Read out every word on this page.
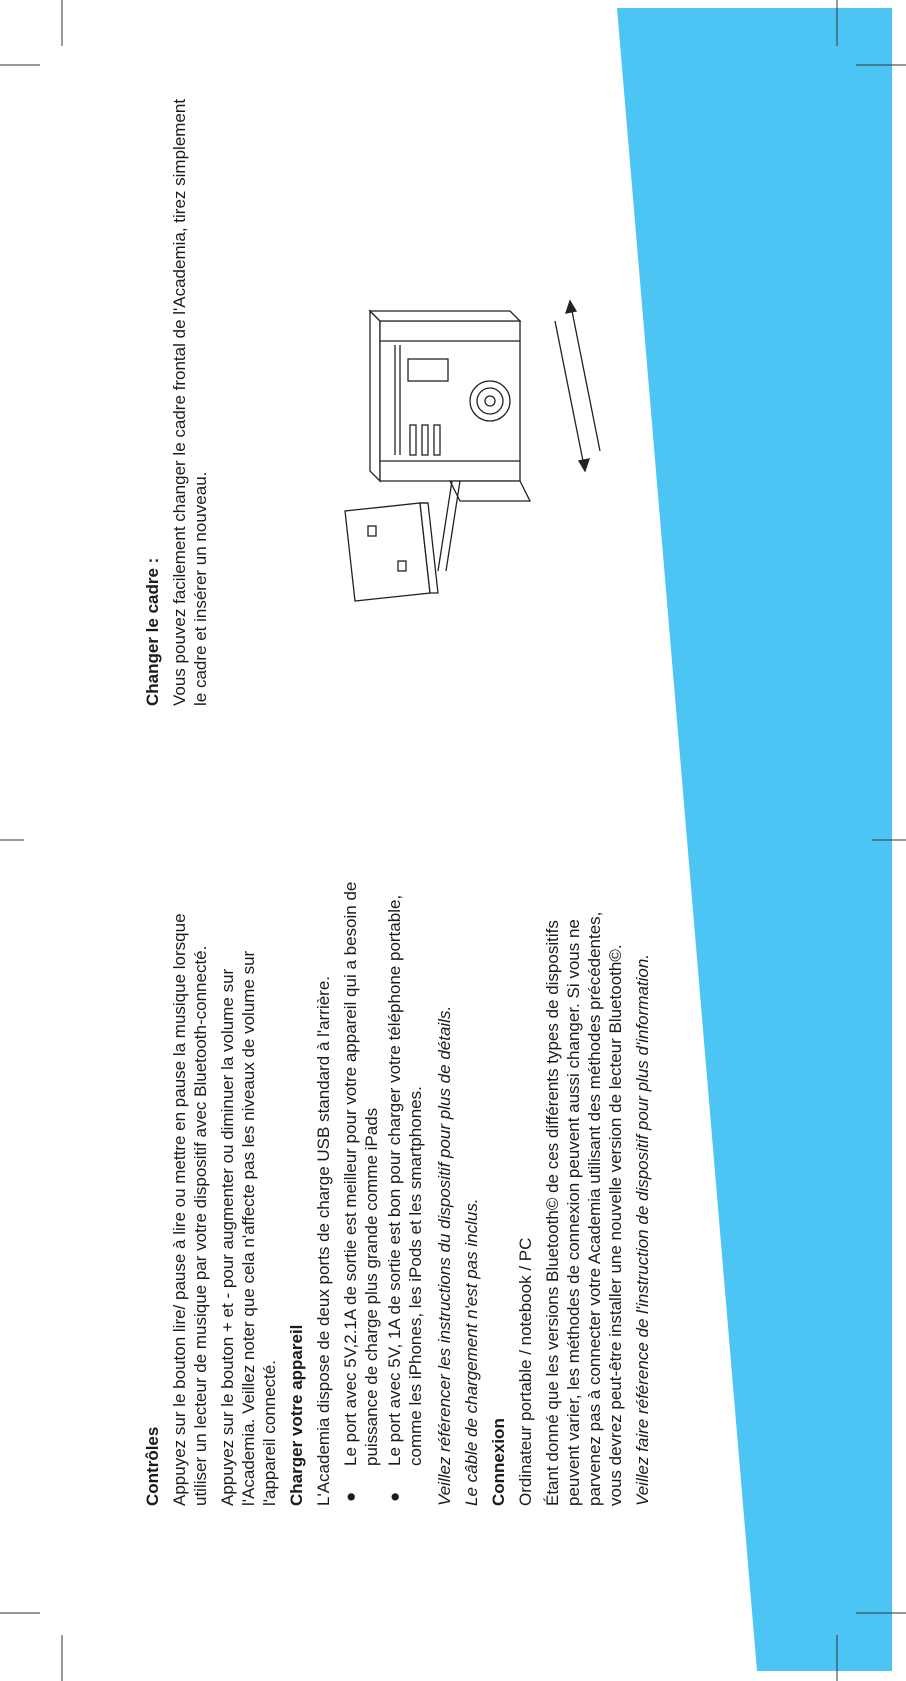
Contrôles Appuyez sur le bouton lire/ pause à lire ou mettre en pause la musique lorsque utiliser un lecteur de musique par votre dispositif avec Bluetooth-connecté. Appuyez sur le bouton + et - pour augmenter ou diminuer la volume sur l'Academia. Veillez noter que cela n'affecte pas les niveaux de volume sur l'appareil connecté. Charger votre appareil L'Academia dispose de deux ports de charge USB standard à l'arrière. ●
Le port avec 5V,2.1A de sortie est meilleur pour votre appareil qui a besoin de puissance de charge plus grande comme iPads
●
Le port avec 5V, 1A de sortie est bon pour charger votre téléphone portable, comme les iPhones, les iPods et les smartphones. Veillez référencer les instructions du dispositif pour plus de détails. Le câble de chargement n'est pas inclus. Connexion Ordinateur portable / notebook / PC Étant donné que les versions Bluetooth© de ces différents types de dispositifs peuvent varier, les méthodes de connexion peuvent aussi changer. Si vous ne parvenez pas à connecter votre Academia utilisant des méthodes précédentes, vous devrez peut-être installer une nouvelle version de lecteur Bluetooth©. Veillez faire référence de l'instruction de dispositif pour plus d'information.

Changer le cadre : Vous pouvez facilement changer le cadre frontal de l'Academia, tirez simplement le cadre et insérer un nouveau.
